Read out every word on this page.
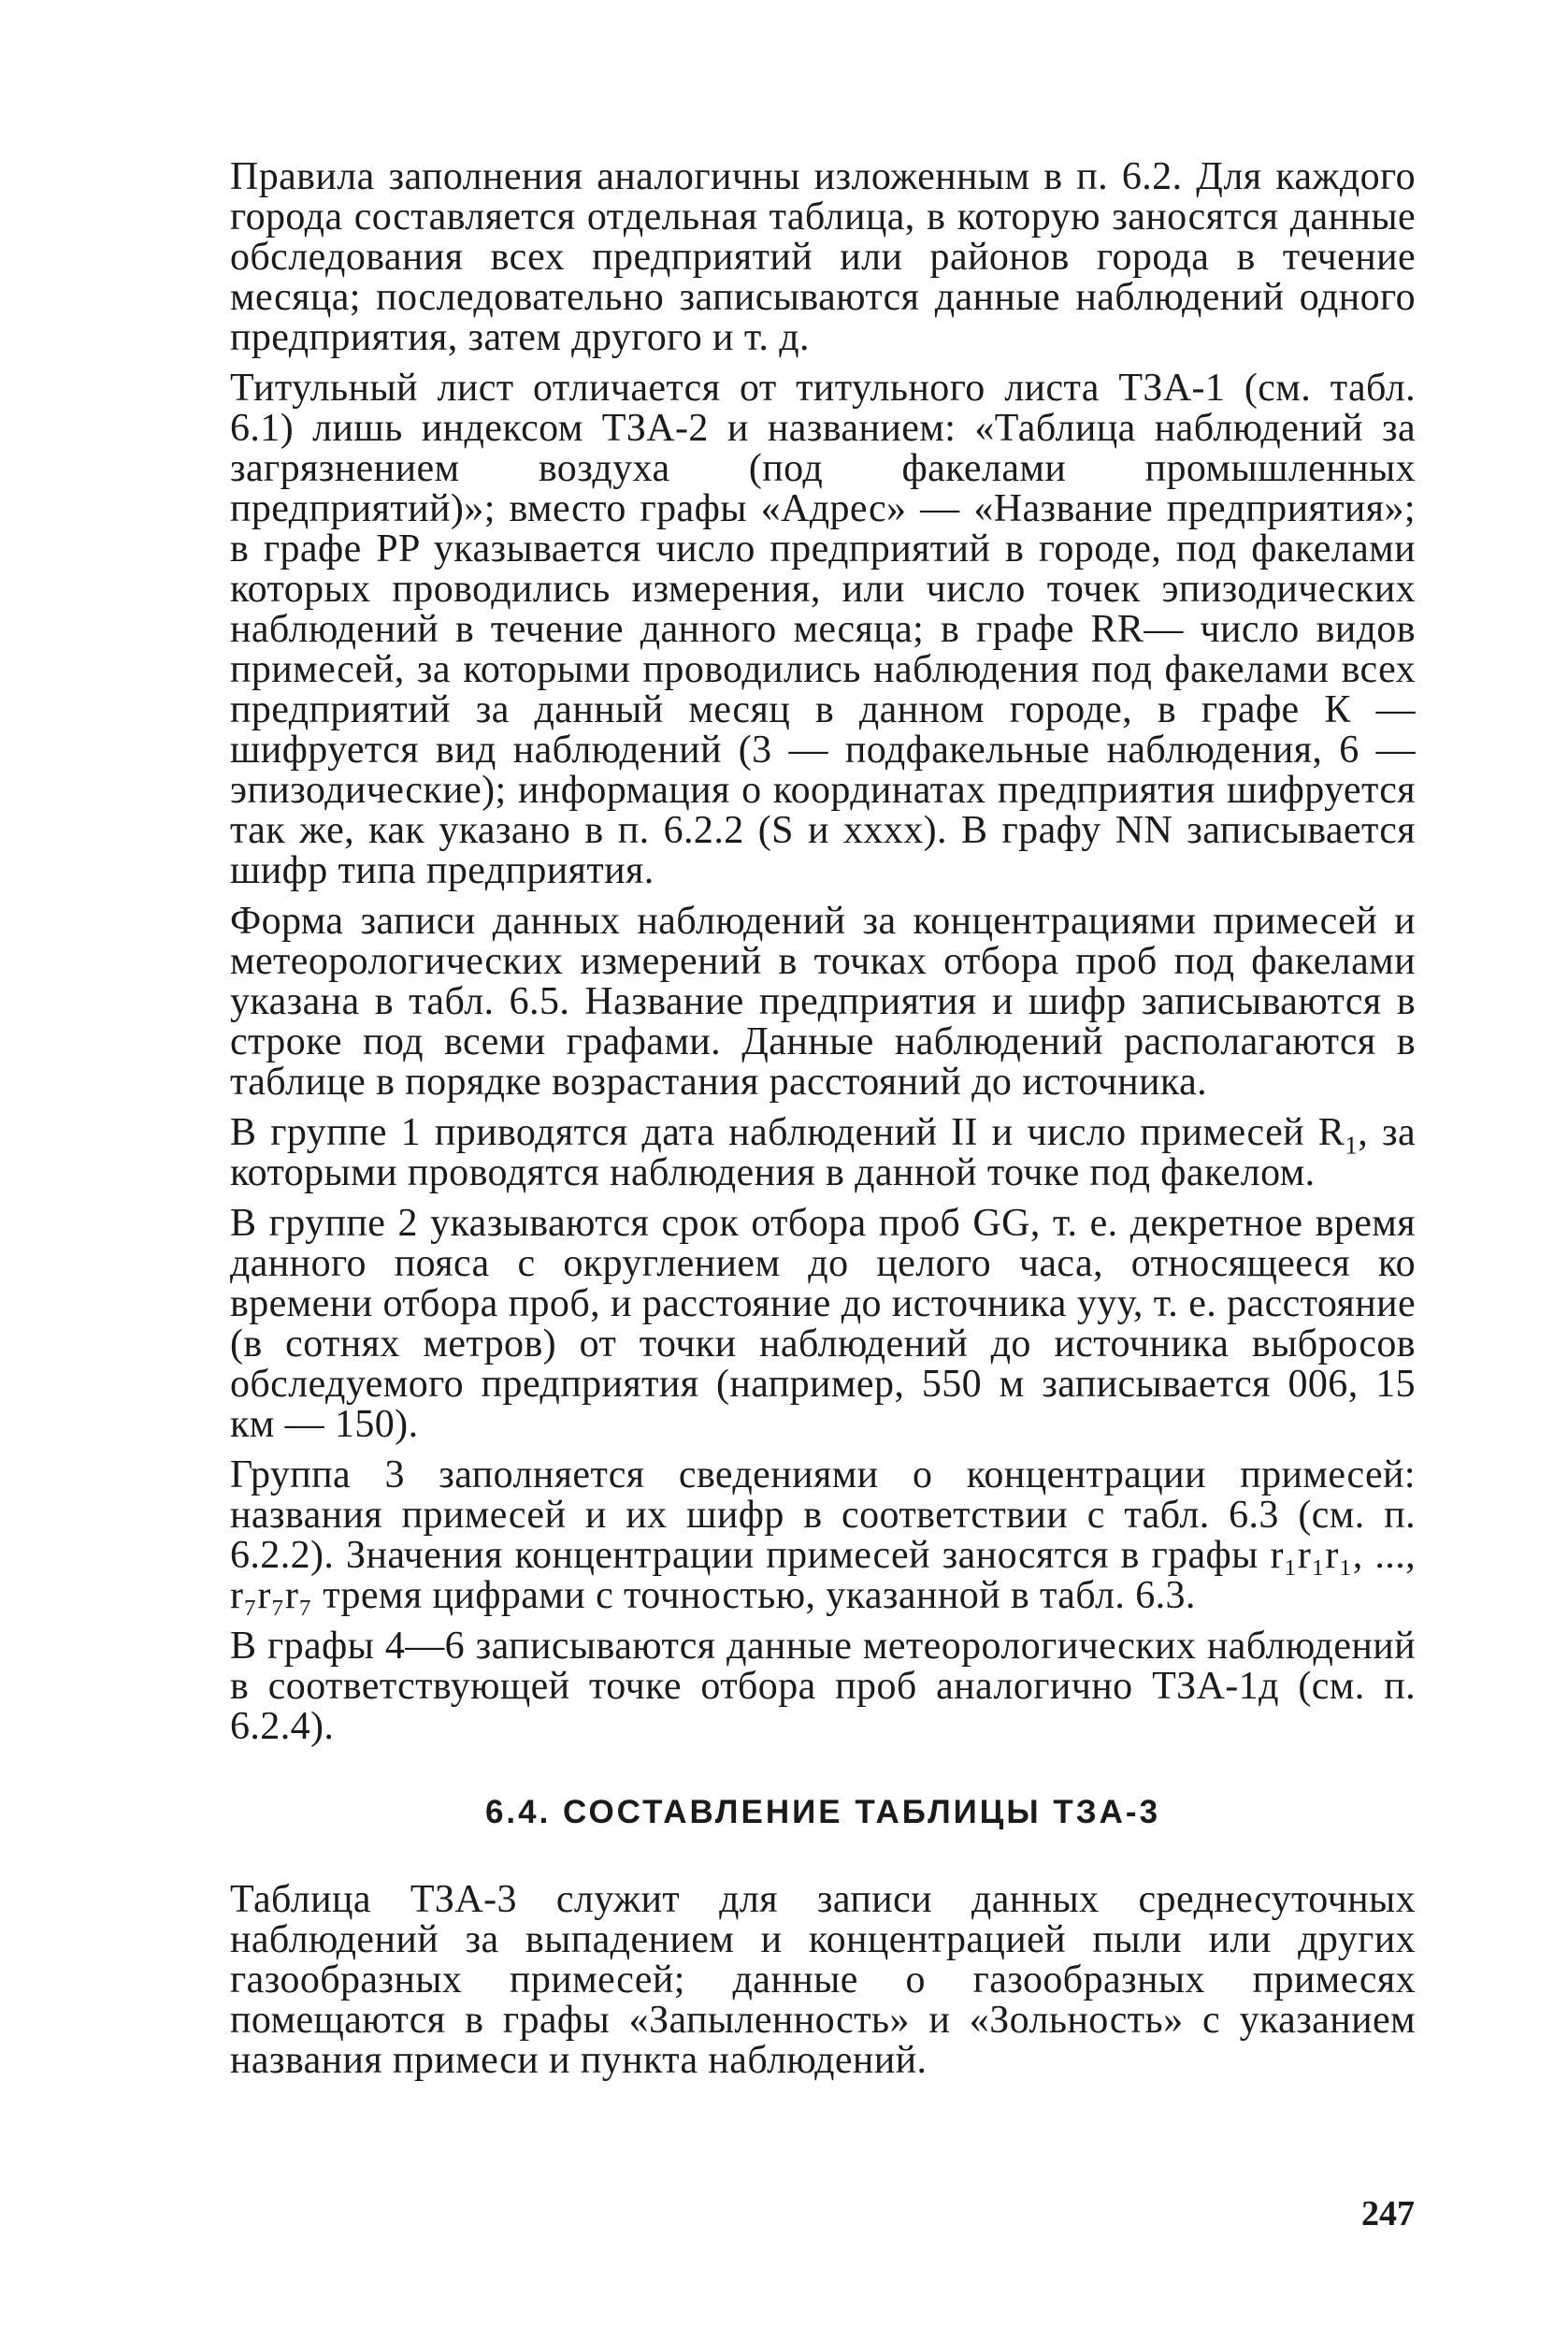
Правила заполнения аналогичны изложенным в п. 6.2. Для каждого города составляется отдельная таблица, в которую заносятся данные обследования всех предприятий или районов города в течение месяца; последовательно записываются данные наблюдений одного предприятия, затем другого и т. д.

Титульный лист отличается от титульного листа ТЗА-1 (см. табл. 6.1) лишь индексом ТЗА-2 и названием: «Таблица наблюдений за загрязнением воздуха (под факелами промышленных предприятий)»; вместо графы «Адрес» — «Название предприятия»; в графе PP указывается число предприятий в городе, под факелами которых проводились измерения, или число точек эпизодических наблюдений в течение данного месяца; в графе RR— число видов примесей, за которыми проводились наблюдения под факелами всех предприятий за данный месяц в данном городе, в графе К — шифруется вид наблюдений (3 — подфакельные наблюдения, 6 — эпизодические); информация о координатах предприятия шифруется так же, как указано в п. 6.2.2 (S и хххх). В графу NN записывается шифр типа предприятия.

Форма записи данных наблюдений за концентрациями примесей и метеорологических измерений в точках отбора проб под факелами указана в табл. 6.5. Название предприятия и шифр записываются в строке под всеми графами. Данные наблюдений располагаются в таблице в порядке возрастания расстояний до источника.

В группе 1 приводятся дата наблюдений II и число примесей $R_1$, за которыми проводятся наблюдения в данной точке под факелом.

В группе 2 указываются срок отбора проб GG, т. е. декретное время данного пояса с округлением до целого часа, относящееся ко времени отбора проб, и расстояние до источника ууу, т. е. расстояние (в сотнях метров) от точки наблюдений до источника выбросов обследуемого предприятия (например, 550 м записывается 006, 15 км — 150).

Группа 3 заполняется сведениями о концентрации примесей: названия примесей и их шифр в соответствии с табл. 6.3 (см. п. 6.2.2). Значения концентрации примесей заносятся в графы r₁r₁r₁, ..., r₇r₇r₇ тремя цифрами с точностью, указанной в табл. 6.3.

В графы 4—6 записываются данные метеорологических наблюдений в соответствующей точке отбора проб аналогично ТЗА-1д (см. п. 6.2.4).

6.4. СОСТАВЛЕНИЕ ТАБЛИЦЫ ТЗА-3

Таблица ТЗА-3 служит для записи данных среднесуточных наблюдений за выпадением и концентрацией пыли или других газообразных примесей; данные о газообразных примесях помещаются в графы «Запыленность» и «Зольность» с указанием названия примеси и пункта наблюдений.

247
